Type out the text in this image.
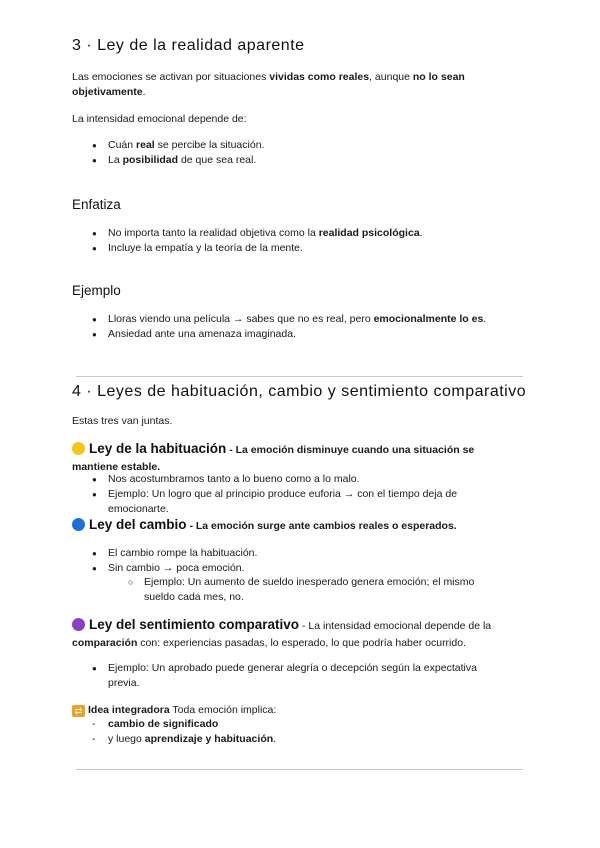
3 · Ley de la realidad aparente

Las emociones se activan por situaciones vividas como reales, aunque no lo sean
objetivamente.

La intensidad emocional depende de:

● Cuán real se percibe la situación.

● La posibilidad de que sea real.

Enfatiza

● No importa tanto la realidad objetiva como la realidad psicológica.

● Incluye la empatía y la teoría de la mente.

Ejemplo

● Lloras viendo una película → sabes que no es real, pero emocionalmente lo es.

● Ansiedad ante una amenaza imaginada.

4 · Leyes de habituación, cambio y sentimiento comparativo

Estas tres van juntas.

Ley de la habituación - La emoción disminuye cuando una situación se
mantiene estable.

● Nos acostumbramos tanto a lo bueno como a lo malo.

● Ejemplo: Un logro que al principio produce euforia → con el tiempo deja de
emocionarte.

Ley del cambio - La emoción surge ante cambios reales o esperados.

● El cambio rompe la habituación.

● Sin cambio → poca emoción.

○ Ejemplo: Un aumento de sueldo inesperado genera emoción; el mismo
sueldo cada mes, no.

Ley del sentimiento comparativo - La intensidad emocional depende de la
comparación con: experiencias pasadas, lo esperado, lo que podría haber ocurrido.

● Ejemplo: Un aprobado puede generar alegría o decepción según la expectativa
previa.

⇄ Idea integradora Toda emoción implica:

- cambio de significado

- y luego aprendizaje y habituación.
